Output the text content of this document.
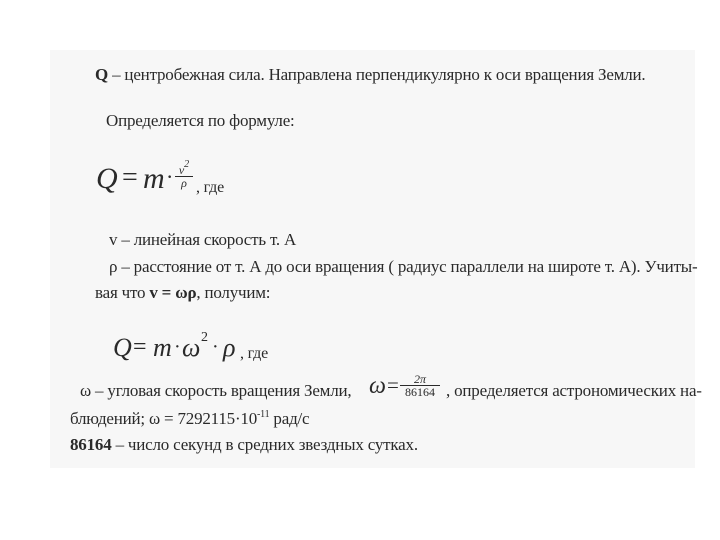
Q – центробежная сила. Направлена перпендикулярно к оси вращения Земли.
Определяется по формуле:
$Q = m \cdot v^2$
ρ , где
v – линейная скорость т. А
ρ – расстояние от т. А до оси вращения ( радиус параллели на широте т. А). Учиты-
вая что v = ωρ, получим:
Q = m · ω 2 · ρ , где
ω – угловая скорость вращения Земли, ω =	2π
86164 , определяется астрономических на-
блюдений; $\omega = 7292115\cdot 10^{-11}$ рад/с
86164 – число секунд в средних звездных сутках.
